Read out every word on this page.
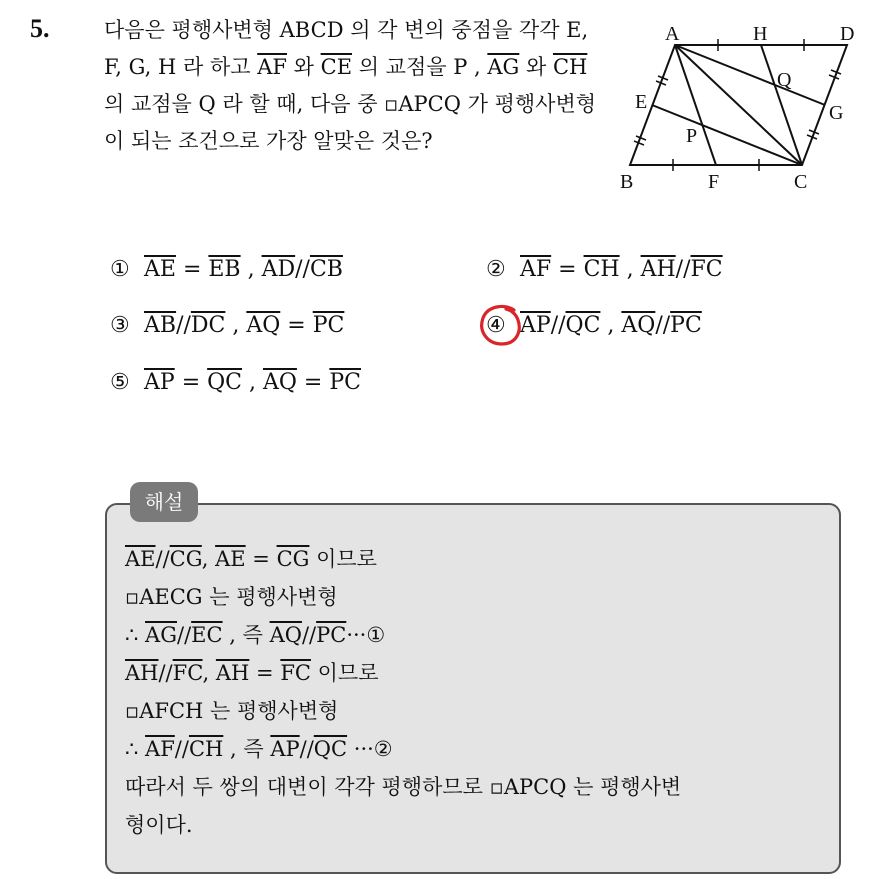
5.	다음은 평행사변형 ABCD 의 각 변의 중점을 각각 E, F, G, H 라 하고 $\overline{AF}$ 와 $\overline{CE}$ 의 교점을 P , $\overline{AG}$ 와 $\overline{CH}$ 의 교점을 Q 라 할 때, 다음 중 ▫APCQ 가 평행사변형이 되는 조건으로 가장 알맞은 것은?
A	H	D
Q
E	G
P
B	F	C
① $\overline{AE} = \overline{EB}$ , $\overline{AD}//\overline{CB}$	② $\overline{AF} = \overline{CH}$ , $\overline{AH}//\overline{FC}$
③ $\overline{AB}//\overline{DC}$ , $\overline{AQ} = \overline{PC}$	④ $\overline{AP}//\overline{QC}$ , $\overline{AQ}//\overline{PC}$
⑤ $\overline{AP} = \overline{QC}$ , $\overline{AQ} = \overline{PC}$
해설
$\overline{AE}//\overline{CG}$, $\overline{AE} = \overline{CG}$ 이므로
▫AECG 는 평행사변형
∴ $\overline{AG}//\overline{EC}$ , 즉 $\overline{AQ}//\overline{PC}\cdot\cdot\cdot ①$
$\overline{AH}//\overline{FC}$, $\overline{AH} = \overline{FC}$ 이므로
▫AFCH 는 평행사변형
∴ $\overline{AF}//\overline{CH}$ , 즉 $\overline{AP}//\overline{QC}$ ···②
따라서 두 쌍의 대변이 각각 평행하므로 ▫APCQ 는 평행사변
형이다.
